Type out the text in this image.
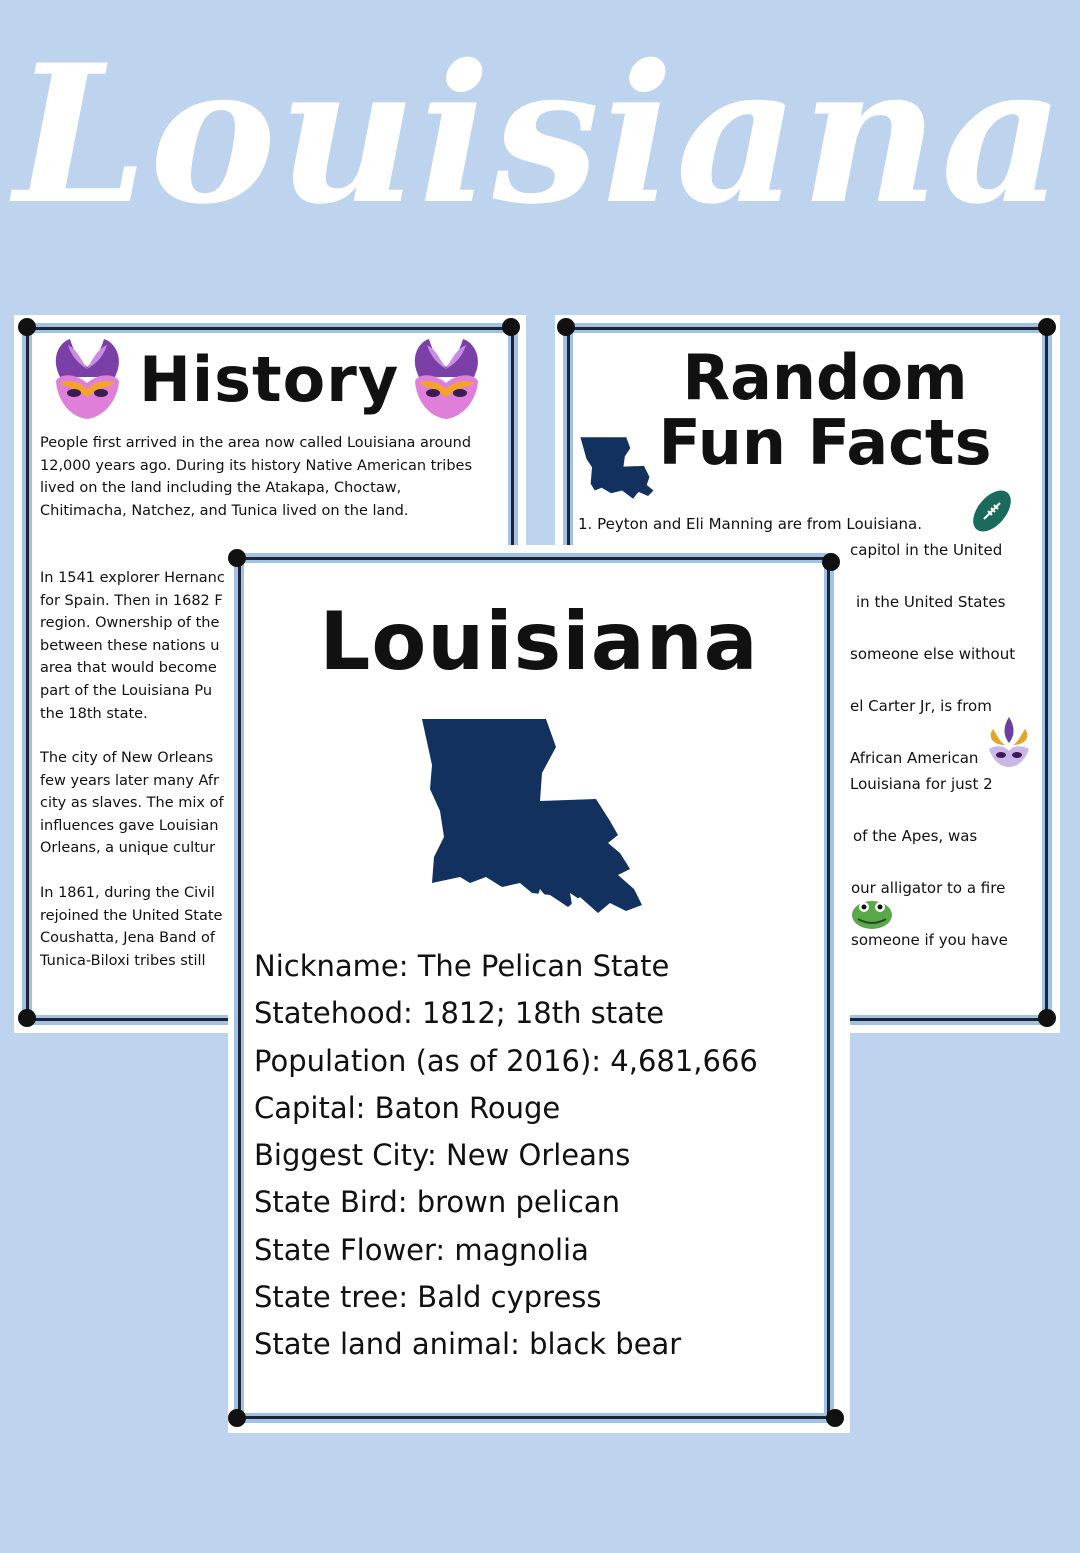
Louisiana
History
People first arrived in the area now called Louisiana around 12,000 years ago. During its history Native American tribes lived on the land including the Atakapa, Choctaw, Chitimacha, Natchez, and Tunica lived on the land.
In 1541 explorer Hernanc for Spain. Then in 1682 F region. Ownership of the between these nations u area that would become part of the Louisiana Pu the 18th state.
The city of New Orleans few years later many Afr city as slaves. The mix of influences gave Louisian Orleans, a unique cultur
In 1861, during the Civil rejoined the United State Coushatta, Jena Band of Tunica-Biloxi tribes still
Random
Fun Facts
1. Peyton and Eli Manning are from Louisiana.
capitol in the United
in the United States
someone else without
el Carter Jr, is from
African American
Louisiana for just 2
of the Apes, was
our alligator to a fire
someone if you have
Louisiana
Nickname: The Pelican State
Statehood: 1812; 18th state
Population (as of 2016): 4,681,666
Capital: Baton Rouge
Biggest City: New Orleans
State Bird: brown pelican
State Flower: magnolia
State tree: Bald cypress
State land animal: black bear
